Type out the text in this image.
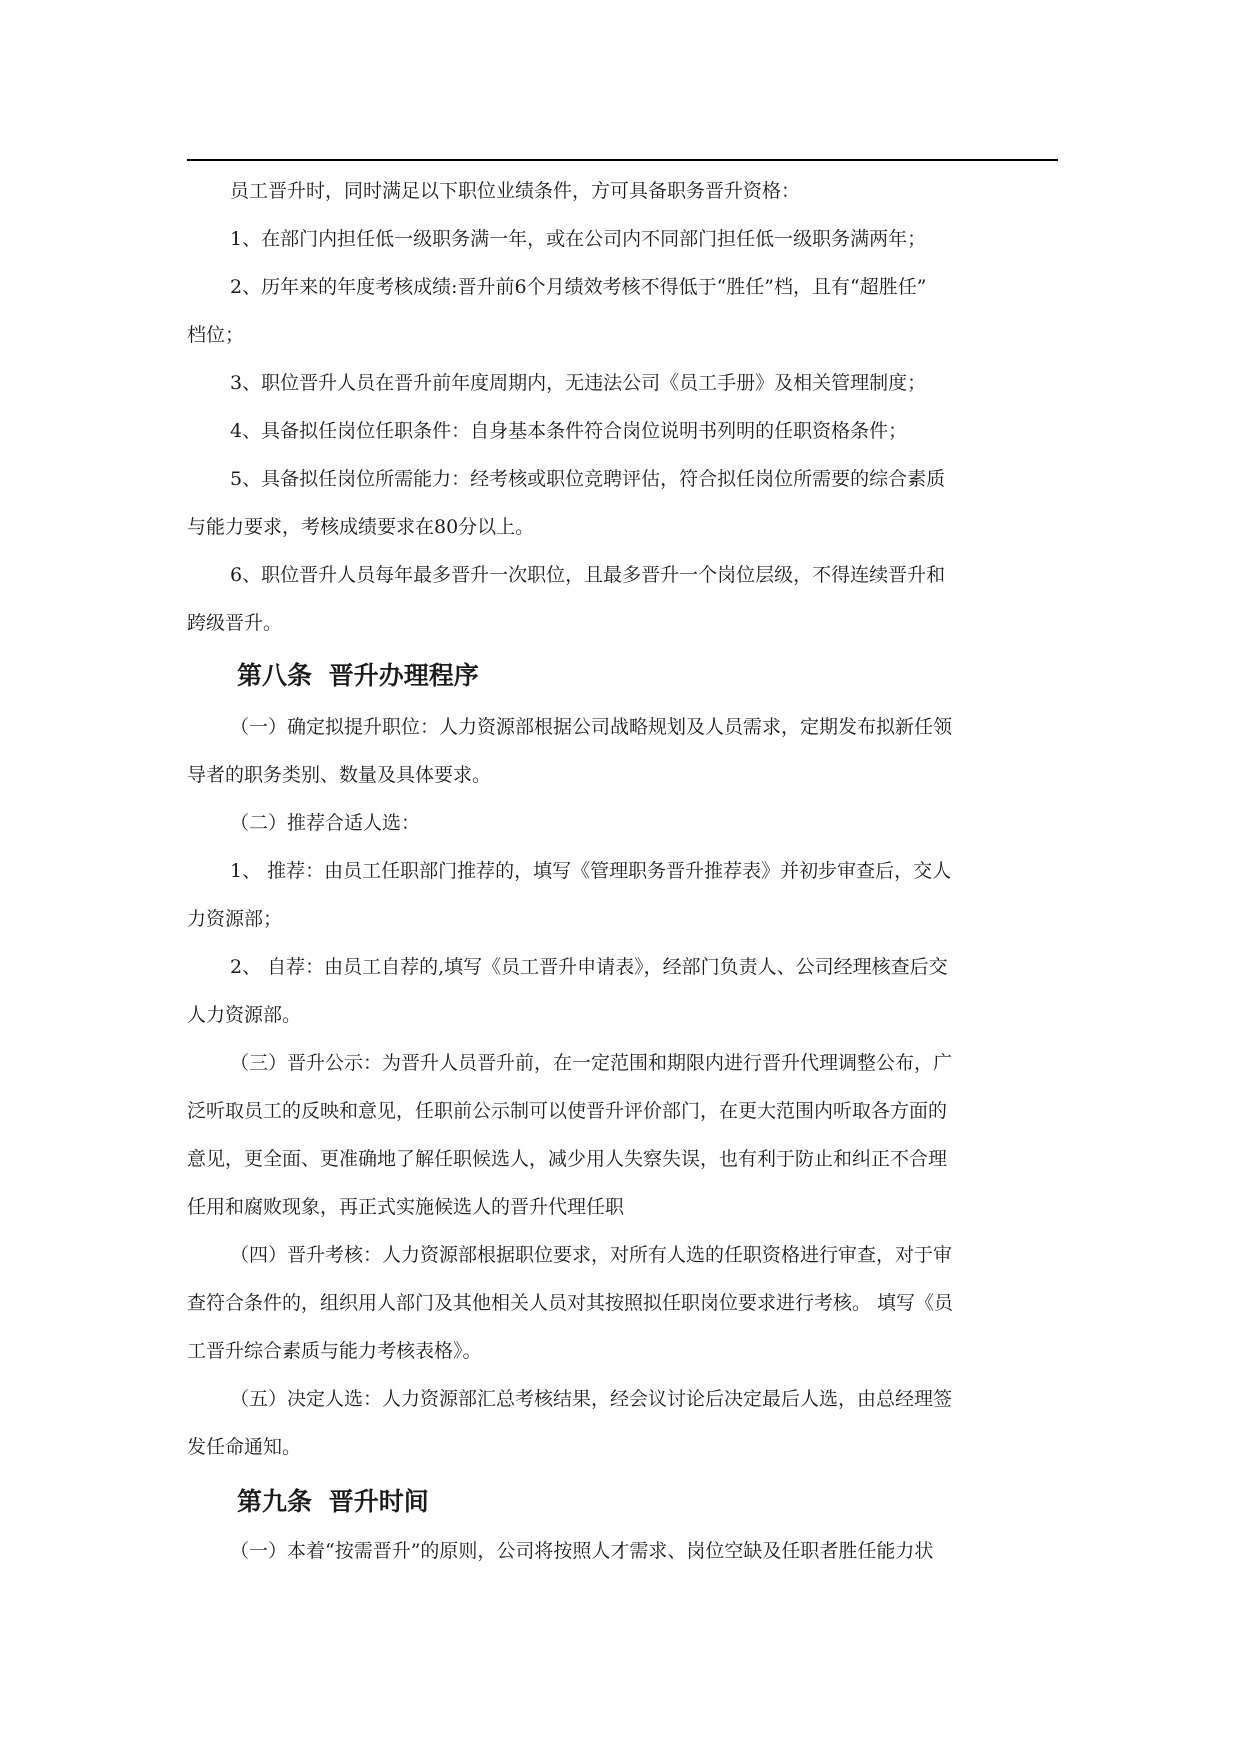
员工晋升时，同时满足以下职位业绩条件，方可具备职务晋升资格：

1、在部门内担任低一级职务满一年，或在公司内不同部门担任低一级职务满两年；

2、历年来的年度考核成绩:晋升前6个月绩效考核不得低于“胜任”档，且有“超胜任”

档位；

3、职位晋升人员在晋升前年度周期内，无违法公司《员工手册》及相关管理制度；

4、具备拟任岗位任职条件：自身基本条件符合岗位说明书列明的任职资格条件；

5、具备拟任岗位所需能力：经考核或职位竞聘评估，符合拟任岗位所需要的综合素质

与能力要求，考核成绩要求在80分以上。

6、职位晋升人员每年最多晋升一次职位，且最多晋升一个岗位层级，不得连续晋升和

跨级晋升。

第八条 晋升办理程序

（一）确定拟提升职位：人力资源部根据公司战略规划及人员需求，定期发布拟新任领

导者的职务类别、数量及具体要求。

（二）推荐合适人选：

1、 推荐：由员工任职部门推荐的，填写《管理职务晋升推荐表》并初步审查后，交人

力资源部；

2、 自荐：由员工自荐的,填写《员工晋升申请表》，经部门负责人、公司经理核查后交

人力资源部。

（三）晋升公示：为晋升人员晋升前，在一定范围和期限内进行晋升代理调整公布，广

泛听取员工的反映和意见，任职前公示制可以使晋升评价部门，在更大范围内听取各方面的

意见，更全面、更准确地了解任职候选人，减少用人失察失误，也有利于防止和纠正不合理

任用和腐败现象，再正式实施候选人的晋升代理任职

（四）晋升考核：人力资源部根据职位要求，对所有人选的任职资格进行审查，对于审

查符合条件的，组织用人部门及其他相关人员对其按照拟任职岗位要求进行考核。 填写《员

工晋升综合素质与能力考核表格》。

（五）决定人选：人力资源部汇总考核结果，经会议讨论后决定最后人选，由总经理签

发任命通知。

第九条 晋升时间

（一）本着“按需晋升”的原则，公司将按照人才需求、岗位空缺及任职者胜任能力状
